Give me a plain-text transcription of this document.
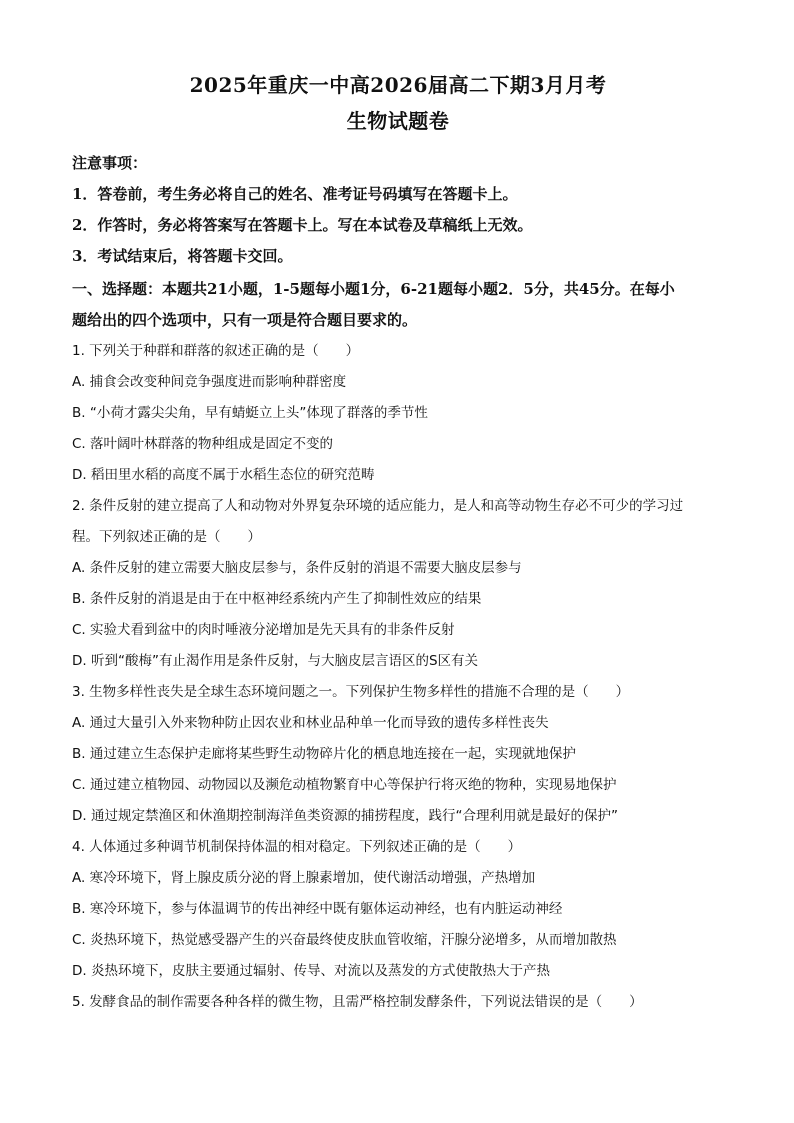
2025年重庆一中高2026届高二下期3月月考
生物试题卷
注意事项：
1．答卷前，考生务必将自己的姓名、准考证号码填写在答题卡上。
2．作答时，务必将答案写在答题卡上。写在本试卷及草稿纸上无效。
3．考试结束后，将答题卡交回。
一、选择题：本题共21小题，1-5题每小题1分，6-21题每小题2．5分，共45分。在每小
题给出的四个选项中，只有一项是符合题目要求的。
1. 下列关于种群和群落的叙述正确的是（　　）
A. 捕食会改变种间竞争强度进而影响种群密度
B. “小荷才露尖尖角，早有蜻蜓立上头”体现了群落的季节性
C. 落叶阔叶林群落的物种组成是固定不变的
D. 稻田里水稻的高度不属于水稻生态位的研究范畴
2. 条件反射的建立提高了人和动物对外界复杂环境的适应能力，是人和高等动物生存必不可少的学习过
程。下列叙述正确的是（　　）
A. 条件反射的建立需要大脑皮层参与，条件反射的消退不需要大脑皮层参与
B. 条件反射的消退是由于在中枢神经系统内产生了抑制性效应的结果
C. 实验犬看到盆中的肉时唾液分泌增加是先天具有的非条件反射
D. 听到“酸梅”有止渴作用是条件反射，与大脑皮层言语区的S区有关
3. 生物多样性丧失是全球生态环境问题之一。下列保护生物多样性的措施不合理的是（　　）
A. 通过大量引入外来物种防止因农业和林业品种单一化而导致的遗传多样性丧失
B. 通过建立生态保护走廊将某些野生动物碎片化的栖息地连接在一起，实现就地保护
C. 通过建立植物园、动物园以及濒危动植物繁育中心等保护行将灭绝的物种，实现易地保护
D. 通过规定禁渔区和休渔期控制海洋鱼类资源的捕捞程度，践行“合理利用就是最好的保护”
4. 人体通过多种调节机制保持体温的相对稳定。下列叙述正确的是（　　）
A. 寒冷环境下，肾上腺皮质分泌的肾上腺素增加，使代谢活动增强，产热增加
B. 寒冷环境下，参与体温调节的传出神经中既有躯体运动神经，也有内脏运动神经
C. 炎热环境下，热觉感受器产生的兴奋最终使皮肤血管收缩，汗腺分泌增多，从而增加散热
D. 炎热环境下，皮肤主要通过辐射、传导、对流以及蒸发的方式使散热大于产热
5. 发酵食品的制作需要各种各样的微生物，且需严格控制发酵条件，下列说法错误的是（　　）
